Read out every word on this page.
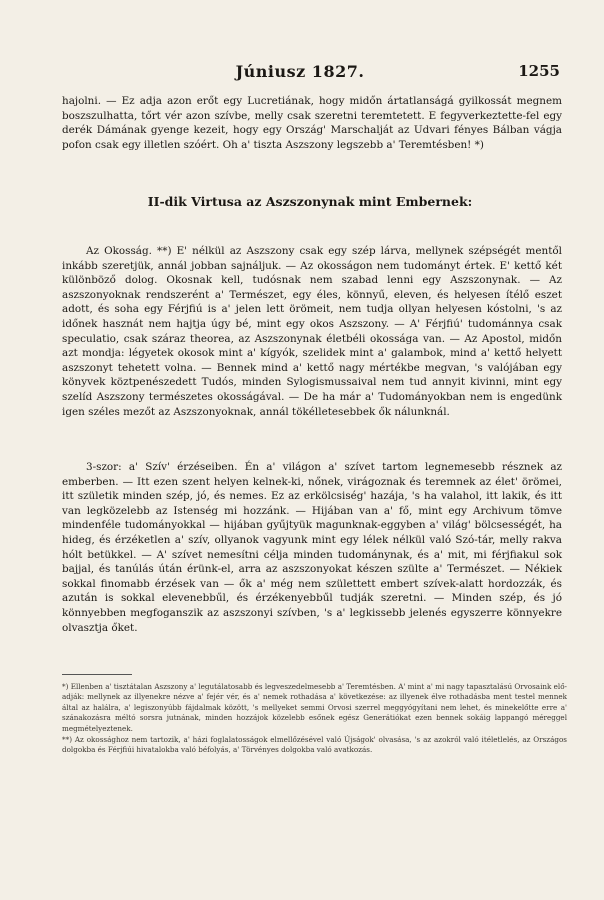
Júniusz 1827.	1255

hajolni. — Ez adja azon erőt egy Lucretiának, hogy midőn ártatlanságá gyilkossát megnem boszszulhatta, tőrt vér azon szívbe, melly csak szeretni teremtetett. E fegyverkeztette-fel egy derék Dámának gyenge kezeit, hogy egy Ország' Marschalját az Udvari fényes Bálban vágja pofon csak egy illetlen szóért. Oh a' tiszta Aszszony legszebb a' Teremtésben! *)

II-dik Virtusa az Aszszonynak mint Embernek:

Az Okosság. **) E' nélkül az Aszszony csak egy szép lárva, mellynek szépségét mentől inkább szeretjük, annál jobban sajnáljuk. — Az okosságon nem tudományt értek. E' kettő két különböző dolog. Okosnak kell, tudósnak nem szabad lenni egy Aszszonynak. — Az aszszonyoknak rendszerént a' Természet, egy éles, könnyű, eleven, és helyesen ítélő eszet adott, és soha egy Férjfiú is a' jelen lett örömeit, nem tudja ollyan helyesen kóstolni, 's az időnek hasznát nem hajtja úgy bé, mint egy okos Aszszony. — A' Férjfiú' tudománnya csak speculatio, csak száraz theorea, az Aszszonynak életbéli okossága van. — Az Apostol, midőn azt mondja: légyetek okosok mint a' kígyók, szelidek mint a' galambok, mind a' kettő helyett aszszonyt tehetett volna. — Bennek mind a' kettő nagy mértékbe megvan, 's valójában egy könyvek köztpenészedett Tudós, minden Sylogismussaival nem tud annyit kivinni, mint egy szelíd Aszszony természetes okosságával. — De ha már a' Tudományokban nem is engedünk igen széles mezőt az Aszszonyoknak, annál tökélletesebbek ők nálunknál.

3-szor: a' Szív' érzéseiben. Én a' világon a' szívet tartom legnemesebb résznek az emberben. — Itt ezen szent helyen kelnek-ki, nőnek, virágoznak és teremnek az élet' örömei, itt születik minden szép, jó, és nemes. Ez az erkölcsiség' hazája, 's ha valahol, itt lakik, és itt van legközelebb az Istenség mi hozzánk. — Hijában van a' fő, mint egy Archivum tömve mindenféle tudományokkal — hijában gyűjtyük magunknak-eggyben a' világ' bölcsességét, ha hideg, és érzéketlen a' szív, ollyanok vagyunk mint egy lélek nélkül való Szó-tár, melly rakva hólt betükkel. — A' szívet nemesítni célja minden tudománynak, és a' mit, mi férjfiakul sok bajjal, és tanúlás útán érünk-el, arra az aszszonyokat készen szülte a' Természet. — Nékiek sokkal finomabb érzések van — ők a' még nem születtett embert szívek-alatt hordozzák, és azután is sokkal elevenebbűl, és érzékenyebbűl tudják szeretni. — Minden szép, és jó könnyebben megfoganszik az aszszonyi szívben, 's a' legkissebb jelenés egyszerre könnyekre olvasztja őket.

*) Ellenben a' tisztátalan Aszszony a' legutálatosabb és legveszedelmesebb a' Teremtésben. A' mint a' mi nagy tapasztalású Orvosaink elő-adják: mellynek az illyenekre nézve a' fejér vér, és a' nemek rothadása a' következése: az illyenek élve rothadásba ment testel mennek által az halálra, a' legiszonyúbb fájdalmak között, 's mellyeket semmi Orvosi szerrel meggyógyítani nem lehet, és minekelőtte erre a' szánakozásra méltó sorsra jutnának, minden hozzájok közelebb esőnek egész Generátiókat ezen bennek sokáig lappangó méreggel megmételyeztenek.

**) Az okossághoz nem tartozik, a' házi foglalatosságok elmellőzésével való Újságok' olvasása, 's az azokról való itéletlelés, az Országos dolgokba és Férjfiúi hivatalokba való béfolyás, a' Törvényes dolgokba való avatkozás.
